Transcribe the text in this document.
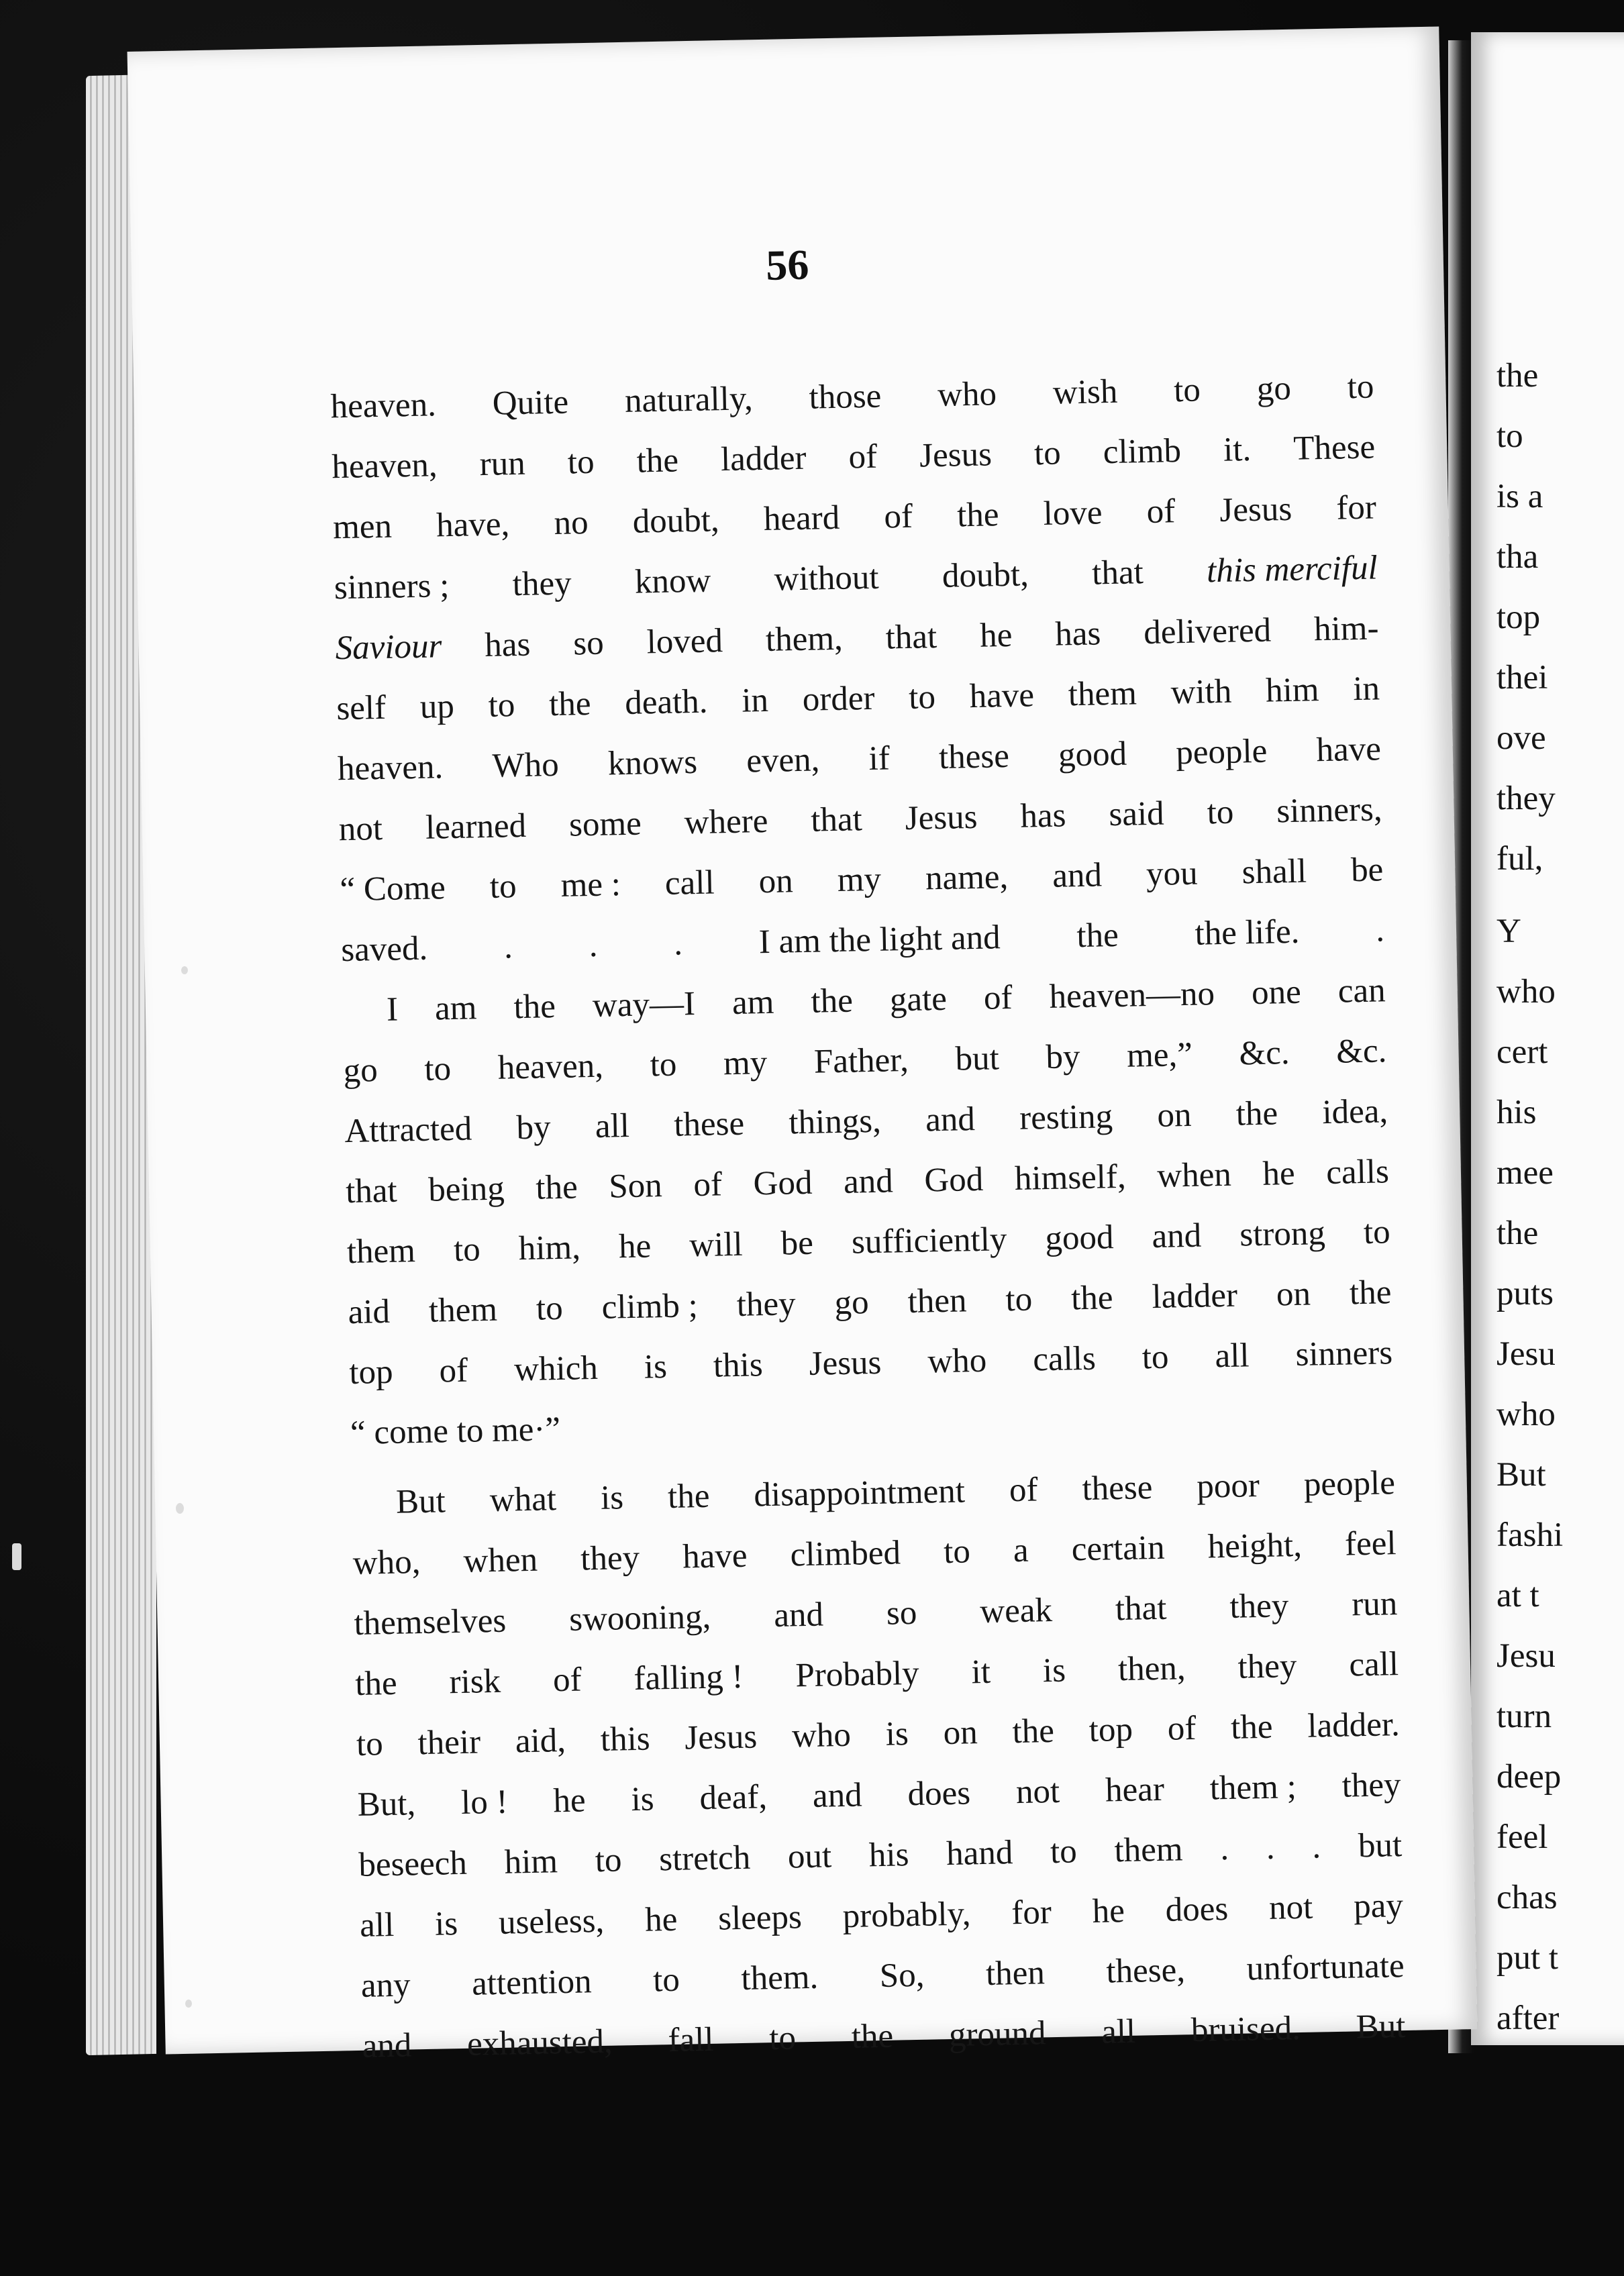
the
to
is a
tha
top
thei
ove
they
ful,
Y
who
cert
his
mee
the
puts
Jesu
who
But
fashi
at t
Jesu
turn
deep
feel
chas
put t
after
56
heaven. Quite naturally, those who wish to go to
heaven, run to the ladder of Jesus to climb it. These
men have, no doubt, heard of the love of Jesus for
sinners ; they know without doubt, that this merciful
Saviour has so loved them, that he has delivered him-
self up to the death. in order to have them with him in
heaven. Who knows even, if these good people have
not learned some where that Jesus has said to sinners,
“ Come to me : call on my name, and you shall be
saved. . . . I am the light and the the life. .
I am the way—I am the gate of heaven—no one can
go to heaven, to my Father, but by me,” &c. &c.
Attracted by all these things, and resting on the idea,
that being the Son of God and God himself, when he calls
them to him, he will be sufficiently good and strong to
aid them to climb ; they go then to the ladder on the
top of which is this Jesus who calls to all sinners
“ come to me·”
But what is the disappointment of these poor people
who, when they have climbed to a certain height, feel
themselves swooning, and so weak that they run
the risk of falling ! Probably it is then, they call
to their aid, this Jesus who is on the top of the ladder.
But, lo ! he is deaf, and does not hear them ; they
beseech him to stretch out his hand to them . . . but
all is useless, he sleeps probably, for he does not pay
any attention to them. So, then these, unfortunate
and exhausted, fall to the ground all bruised. But
